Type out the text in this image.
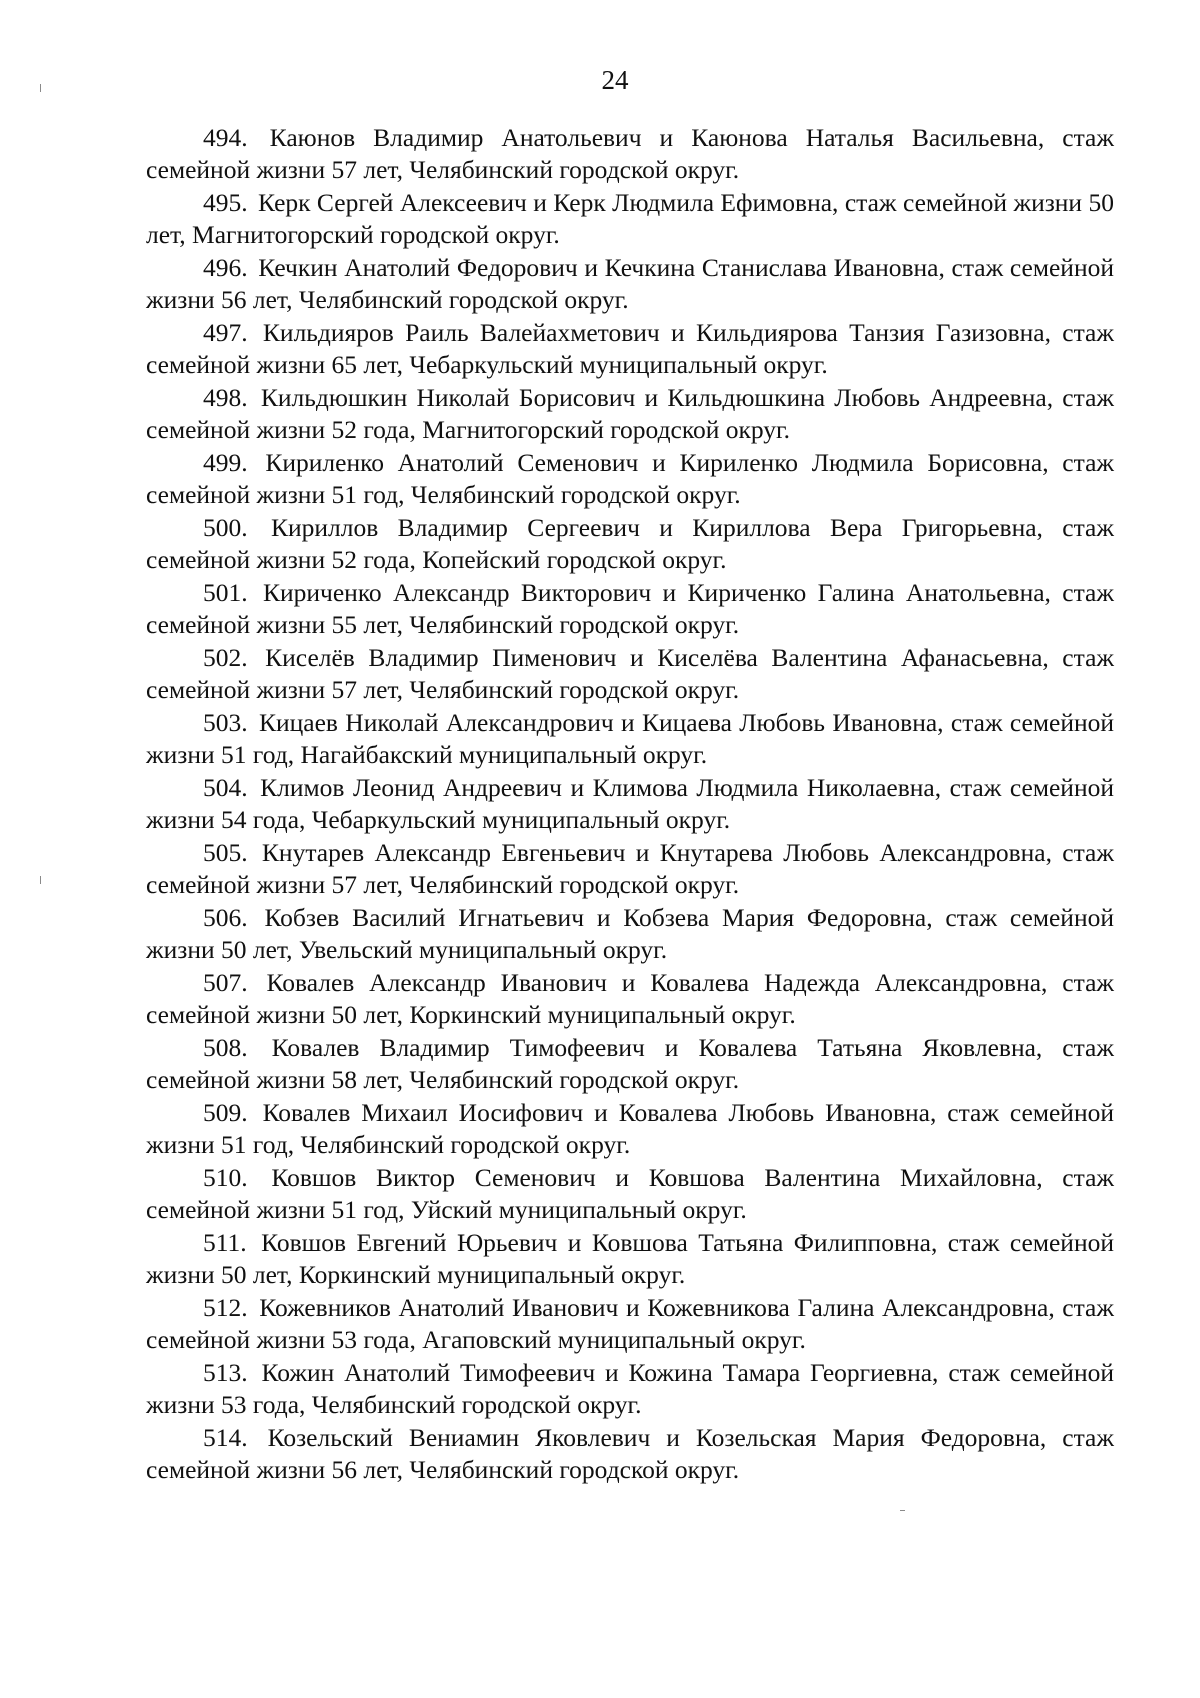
24

494. Каюнов Владимир Анатольевич и Каюнова Наталья Васильевна, стаж семейной жизни 57 лет, Челябинский городской округ.

495. Керк Сергей Алексеевич и Керк Людмила Ефимовна, стаж семейной жизни 50 лет, Магнитогорский городской округ.

496. Кечкин Анатолий Федорович и Кечкина Станислава Ивановна, стаж семейной жизни 56 лет, Челябинский городской округ.

497. Кильдияров Раиль Валейахметович и Кильдиярова Танзия Газизовна, стаж семейной жизни 65 лет, Чебаркульский муниципальный округ.

498. Кильдюшкин Николай Борисович и Кильдюшкина Любовь Андреевна, стаж семейной жизни 52 года, Магнитогорский городской округ.

499. Кириленко Анатолий Семенович и Кириленко Людмила Борисовна, стаж семейной жизни 51 год, Челябинский городской округ.

500. Кириллов Владимир Сергеевич и Кириллова Вера Григорьевна, стаж семейной жизни 52 года, Копейский городской округ.

501. Кириченко Александр Викторович и Кириченко Галина Анатольевна, стаж семейной жизни 55 лет, Челябинский городской округ.

502. Киселёв Владимир Пименович и Киселёва Валентина Афанасьевна, стаж семейной жизни 57 лет, Челябинский городской округ.

503. Кицаев Николай Александрович и Кицаева Любовь Ивановна, стаж семейной жизни 51 год, Нагайбакский муниципальный округ.

504. Климов Леонид Андреевич и Климова Людмила Николаевна, стаж семейной жизни 54 года, Чебаркульский муниципальный округ.

505. Кнутарев Александр Евгеньевич и Кнутарева Любовь Александровна, стаж семейной жизни 57 лет, Челябинский городской округ.

506. Кобзев Василий Игнатьевич и Кобзева Мария Федоровна, стаж семейной жизни 50 лет, Увельский муниципальный округ.

507. Ковалев Александр Иванович и Ковалева Надежда Александровна, стаж семейной жизни 50 лет, Коркинский муниципальный округ.

508. Ковалев Владимир Тимофеевич и Ковалева Татьяна Яковлевна, стаж семейной жизни 58 лет, Челябинский городской округ.

509. Ковалев Михаил Иосифович и Ковалева Любовь Ивановна, стаж семейной жизни 51 год, Челябинский городской округ.

510. Ковшов Виктор Семенович и Ковшова Валентина Михайловна, стаж семейной жизни 51 год, Уйский муниципальный округ.

511. Ковшов Евгений Юрьевич и Ковшова Татьяна Филипповна, стаж семейной жизни 50 лет, Коркинский муниципальный округ.

512. Кожевников Анатолий Иванович и Кожевникова Галина Александровна, стаж семейной жизни 53 года, Агаповский муниципальный округ.

513. Кожин Анатолий Тимофеевич и Кожина Тамара Георгиевна, стаж семейной жизни 53 года, Челябинский городской округ.

514. Козельский Вениамин Яковлевич и Козельская Мария Федоровна, стаж семейной жизни 56 лет, Челябинский городской округ.
